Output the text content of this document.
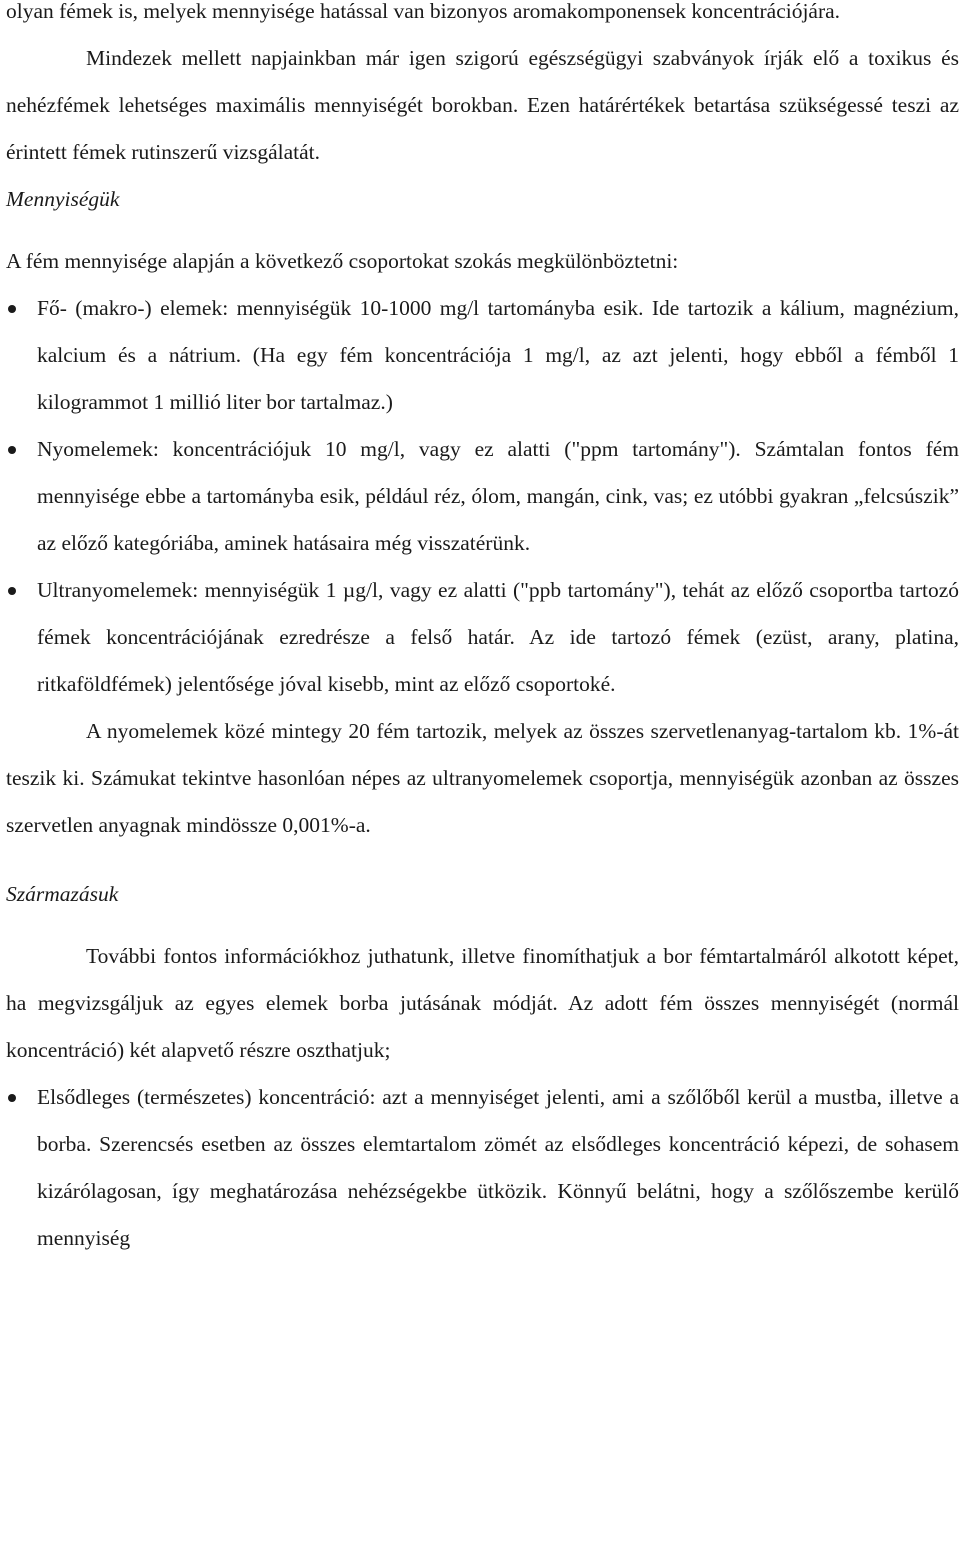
olyan fémek is, melyek mennyisége hatással van bizonyos aromakomponensek koncentrációjára.

Mindezek mellett napjainkban már igen szigorú egészségügyi szabványok írják elő a toxikus és nehézfémek lehetséges maximális mennyiségét borokban. Ezen határértékek betartása szükségessé teszi az érintett fémek rutinszerű vizsgálatát.

Mennyiségük

A fém mennyisége alapján a következő csoportokat szokás megkülönböztetni:

Fő- (makro-) elemek: mennyiségük 10-1000 mg/l tartományba esik. Ide tartozik a kálium, magnézium, kalcium és a nátrium. (Ha egy fém koncentrációja 1 mg/l, az azt jelenti, hogy ebből a fémből 1 kilogrammot 1 millió liter bor tartalmaz.)
Nyomelemek: koncentrációjuk 10 mg/l, vagy ez alatti ("ppm tartomány"). Számtalan fontos fém mennyisége ebbe a tartományba esik, például réz, ólom, mangán, cink, vas; ez utóbbi gyakran „felcsúszik” az előző kategóriába, aminek hatásaira még visszatérünk.
Ultranyomelemek: mennyiségük 1 µg/l, vagy ez alatti ("ppb tartomány"), tehát az előző csoportba tartozó fémek koncentrációjának ezredrésze a felső határ. Az ide tartozó fémek (ezüst, arany, platina, ritkaföldfémek) jelentősége jóval kisebb, mint az előző csoportoké.

A nyomelemek közé mintegy 20 fém tartozik, melyek az összes szervetlenanyag-tartalom kb. 1%-át teszik ki. Számukat tekintve hasonlóan népes az ultranyomelemek csoportja, mennyiségük azonban az összes szervetlen anyagnak mindössze 0,001%-a.

Származásuk

További fontos információkhoz juthatunk, illetve finomíthatjuk a bor fémtartalmáról alkotott képet, ha megvizsgáljuk az egyes elemek borba jutásának módját. Az adott fém összes mennyiségét (normál koncentráció) két alapvető részre oszthatjuk;

Elsődleges (természetes) koncentráció: azt a mennyiséget jelenti, ami a szőlőből kerül a mustba, illetve a borba. Szerencsés esetben az összes elemtartalom zömét az elsődleges koncentráció képezi, de sohasem kizárólagosan, így meghatározása nehézségekbe ütközik. Könnyű belátni, hogy a szőlőszembe kerülő mennyiség
